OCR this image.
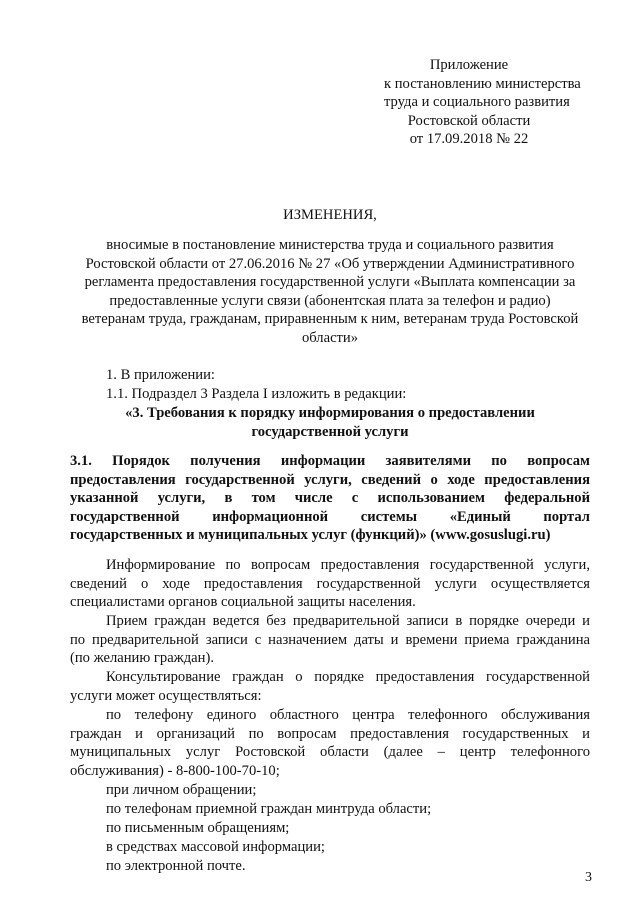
Приложение
к постановлению министерства
труда и социального развития
Ростовской области
от 17.09.2018 № 22
ИЗМЕНЕНИЯ,
вносимые в постановление министерства труда и социального развития
Ростовской области от 27.06.2016 № 27 «Об утверждении Административного
регламента предоставления государственной услуги «Выплата компенсации за
предоставленные услуги связи (абонентская плата за телефон и радио)
ветеранам труда, гражданам, приравненным к ним, ветеранам труда Ростовской
области»
1. В приложении:
1.1. Подраздел 3 Раздела I изложить в редакции:
«3. Требования к порядку информирования о предоставлении
государственной услуги
3.1. Порядок получения информации заявителями по вопросам
предоставления государственной услуги, сведений о ходе предоставления
указанной услуги, в том числе с использованием федеральной
государственной информационной системы «Единый портал
государственных и муниципальных услуг (функций)» (www.gosuslugi.ru)
Информирование по вопросам предоставления государственной услуги,
сведений о ходе предоставления государственной услуги осуществляется
специалистами органов социальной защиты населения.
Прием граждан ведется без предварительной записи в порядке очереди и
по предварительной записи с назначением даты и времени приема гражданина
(по желанию граждан).
Консультирование граждан о порядке предоставления государственной
услуги может осуществляться:
по телефону единого областного центра телефонного обслуживания
граждан и организаций по вопросам предоставления государственных и
муниципальных услуг Ростовской области (далее – центр телефонного
обслуживания) - 8-800-100-70-10;
при личном обращении;
по телефонам приемной граждан минтруда области;
по письменным обращениям;
в средствах массовой информации;
по электронной почте.
3
